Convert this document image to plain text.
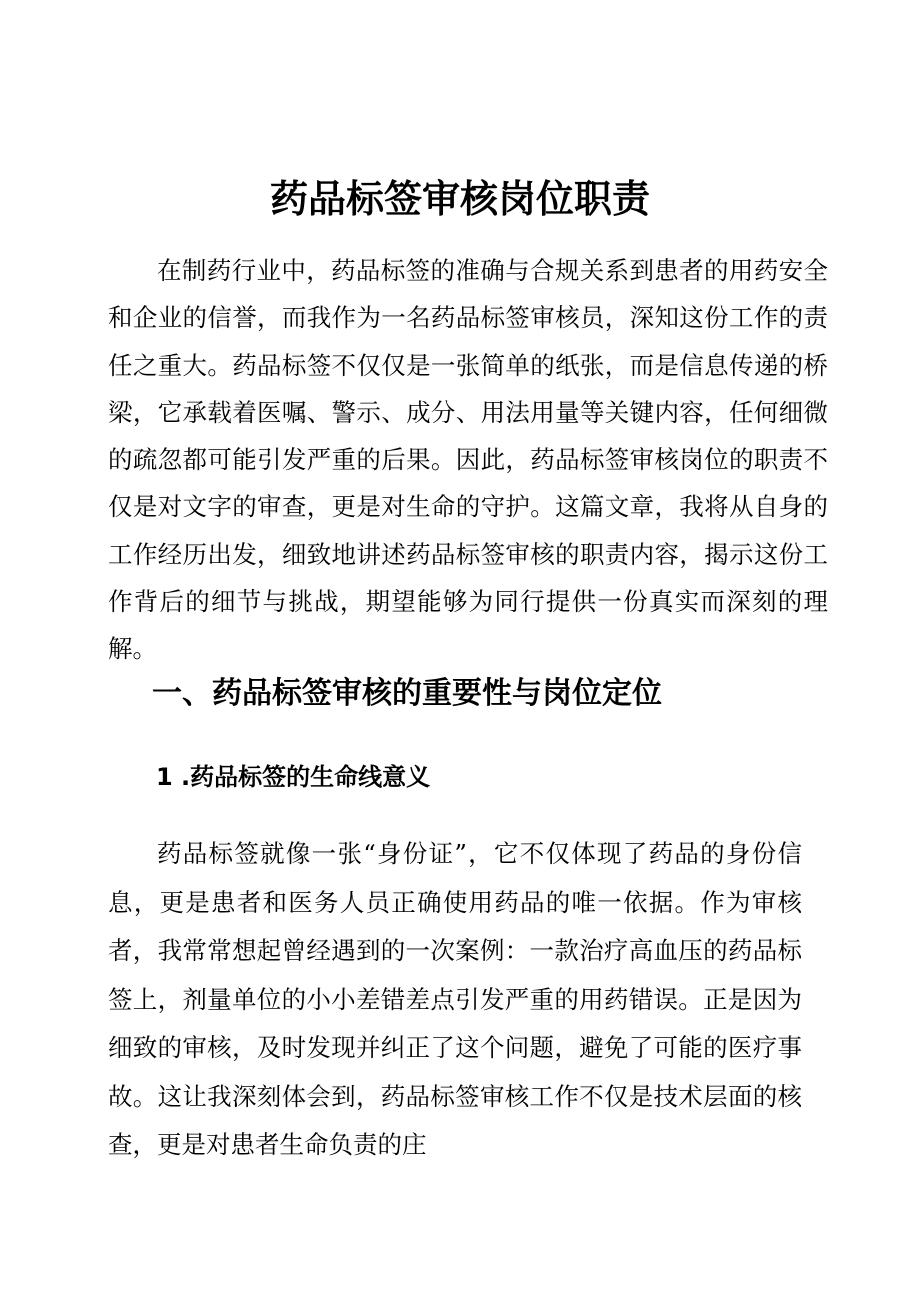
药品标签审核岗位职责

在制药行业中，药品标签的准确与合规关系到患者的用药安全和企业的信誉，而我作为一名药品标签审核员，深知这份工作的责任之重大。药品标签不仅仅是一张简单的纸张，而是信息传递的桥梁，它承载着医嘱、警示、成分、用法用量等关键内容，任何细微的疏忽都可能引发严重的后果。因此，药品标签审核岗位的职责不仅是对文字的审查，更是对生命的守护。这篇文章，我将从自身的工作经历出发，细致地讲述药品标签审核的职责内容，揭示这份工作背后的细节与挑战，期望能够为同行提供一份真实而深刻的理解。

一、药品标签审核的重要性与岗位定位
1 .药品标签的生命线意义

药品标签就像一张“身份证”，它不仅体现了药品的身份信息，更是患者和医务人员正确使用药品的唯一依据。作为审核者，我常常想起曾经遇到的一次案例：一款治疗高血压的药品标签上，剂量单位的小小差错差点引发严重的用药错误。正是因为细致的审核，及时发现并纠正了这个问题，避免了可能的医疗事故。这让我深刻体会到，药品标签审核工作不仅是技术层面的核查，更是对患者生命负责的庄
